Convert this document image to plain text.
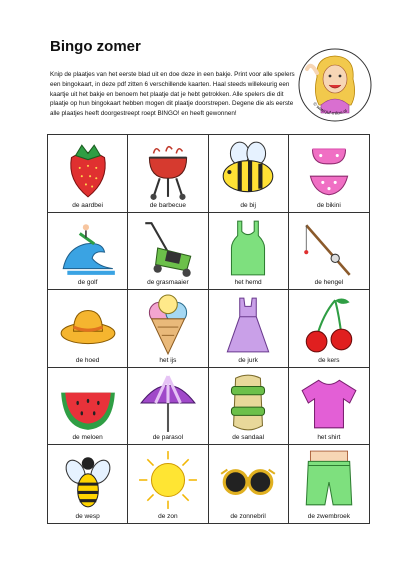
Bingo zomer
Knip de plaatjes van het eerste blad uit en doe deze in een bakje. Print voor alle spelers een bingokaart, in deze pdf zitten 6 verschillende kaarten. Haal steeds willekeurig een kaartje uit het bakje en benoem het plaatje dat je hebt getrokken. Alle spelers die dit plaatje op hun bingokaart hebben mogen dit plaatje doorstrepen. Degene die als eerste alle plaatjes heeft doorgestreept roept BINGO! en heeft gewonnen!
© www.juf-milou.nl
de aardbei	de barbecue	de bij	de bikini
de golf	de grasmaaier	het hemd	de hengel
de hoed	het ijs	de jurk	de kers
de meloen	de parasol	de sandaal	het shirt
de wesp	de zon	de zonnebril	de zwembroek
